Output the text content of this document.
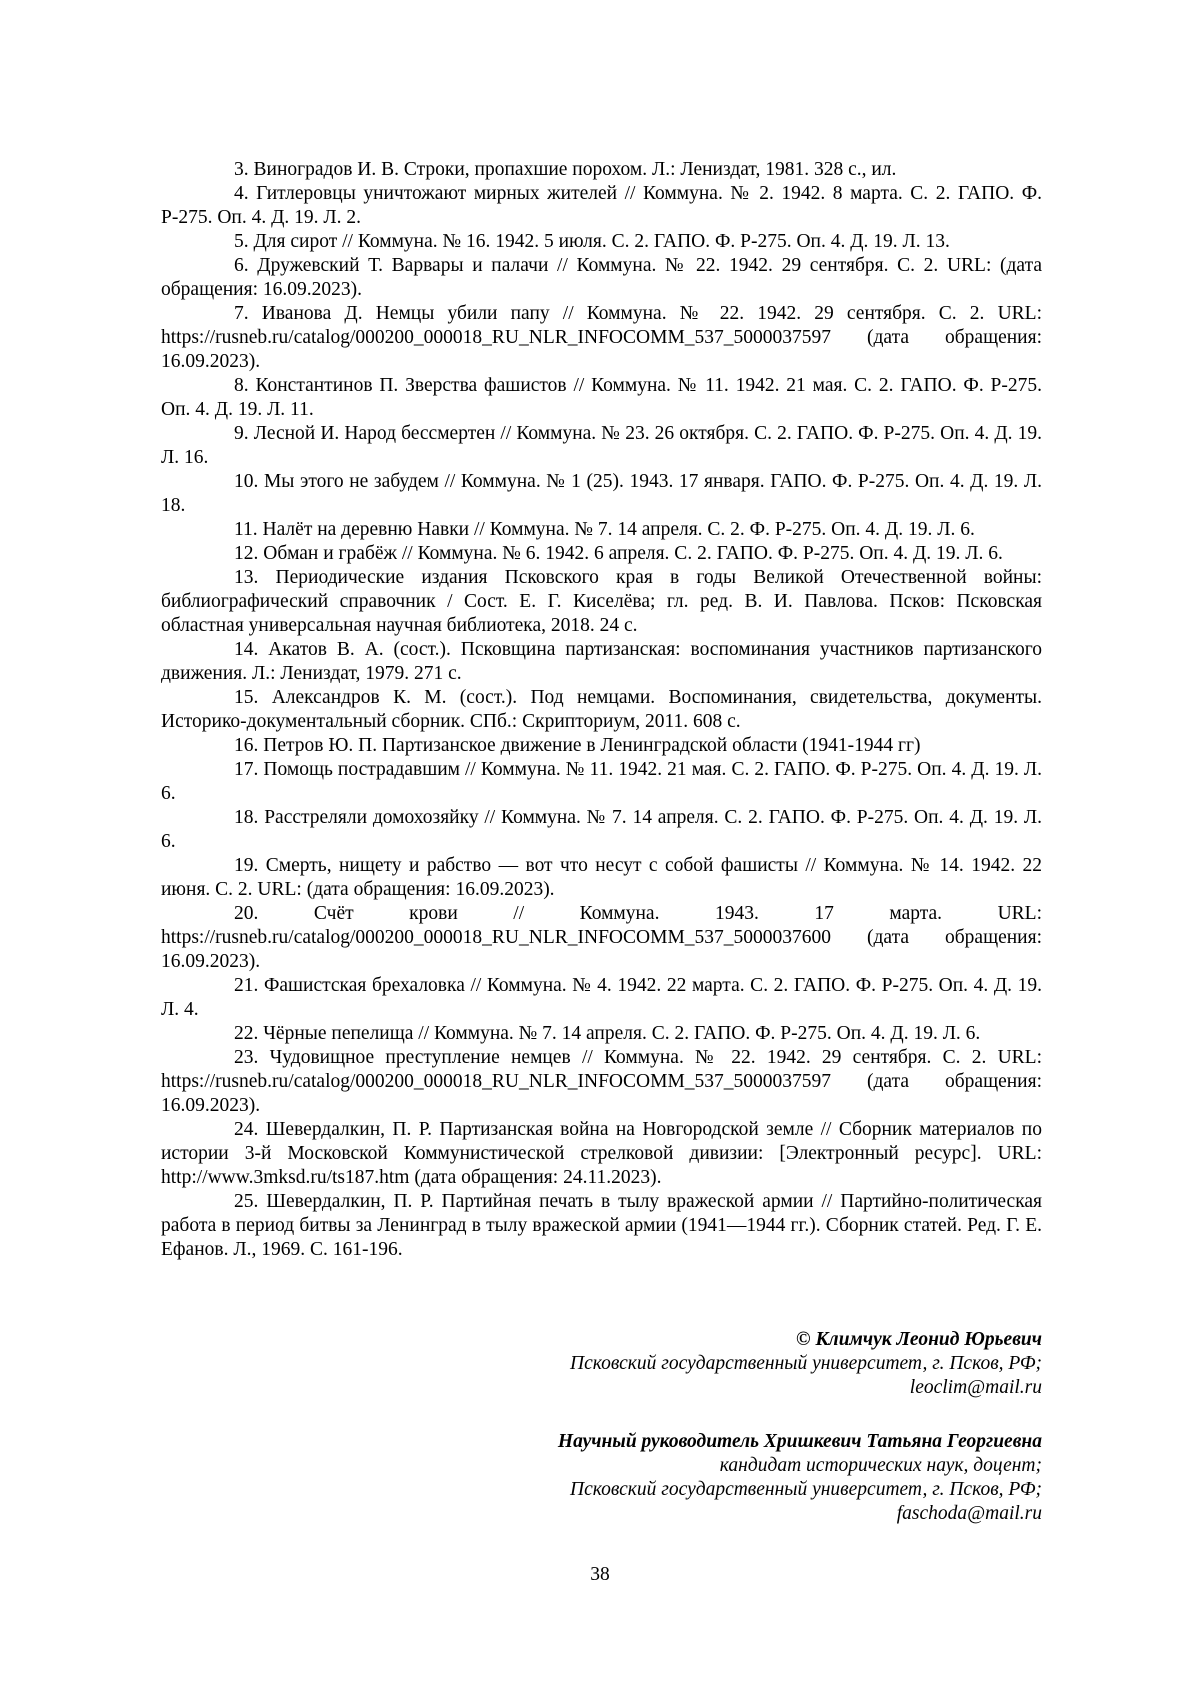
3. Виноградов И. В. Строки, пропахшие порохом. Л.: Лениздат, 1981. 328 с., ил.
4. Гитлеровцы уничтожают мирных жителей // Коммуна. № 2. 1942. 8 марта. С. 2. ГАПО. Ф. Р-275. Оп. 4. Д. 19. Л. 2.
5. Для сирот // Коммуна. № 16. 1942. 5 июля. С. 2. ГАПО. Ф. Р-275. Оп. 4. Д. 19. Л. 13.
6. Дружевский Т. Варвары и палачи // Коммуна. № 22. 1942. 29 сентября. С. 2. URL: (дата обращения: 16.09.2023).
7. Иванова Д. Немцы убили папу // Коммуна. № 22. 1942. 29 сентября. С. 2. URL: https://rusneb.ru/catalog/000200_000018_RU_NLR_INFOCOMM_537_5000037597 (дата обращения: 16.09.2023).
8. Константинов П. Зверства фашистов // Коммуна. № 11. 1942. 21 мая. С. 2. ГАПО. Ф. Р-275. Оп. 4. Д. 19. Л. 11.
9. Лесной И. Народ бессмертен // Коммуна. № 23. 26 октября. С. 2. ГАПО. Ф. Р-275. Оп. 4. Д. 19. Л. 16.
10. Мы этого не забудем // Коммуна. № 1 (25). 1943. 17 января. ГАПО. Ф. Р-275. Оп. 4. Д. 19. Л. 18.
11. Налёт на деревню Навки // Коммуна. № 7. 14 апреля. С. 2. Ф. Р-275. Оп. 4. Д. 19. Л. 6.
12. Обман и грабёж // Коммуна. № 6. 1942. 6 апреля. С. 2. ГАПО. Ф. Р-275. Оп. 4. Д. 19. Л. 6.
13. Периодические издания Псковского края в годы Великой Отечественной войны: библиографический справочник / Сост. Е. Г. Киселёва; гл. ред. В. И. Павлова. Псков: Псковская областная универсальная научная библиотека, 2018. 24 с.
14. Акатов В. А. (сост.). Псковщина партизанская: воспоминания участников партизанского движения. Л.: Лениздат, 1979. 271 с.
15. Александров К. М. (сост.). Под немцами. Воспоминания, свидетельства, документы. Историко-документальный сборник. СПб.: Скрипториум, 2011. 608 с.
16. Петров Ю. П. Партизанское движение в Ленинградской области (1941-1944 гг)
17. Помощь пострадавшим // Коммуна. № 11. 1942. 21 мая. С. 2. ГАПО. Ф. Р-275. Оп. 4. Д. 19. Л. 6.
18. Расстреляли домохозяйку // Коммуна. № 7. 14 апреля. С. 2. ГАПО. Ф. Р-275. Оп. 4. Д. 19. Л. 6.
19. Смерть, нищету и рабство — вот что несут с собой фашисты // Коммуна. № 14. 1942. 22 июня. С. 2. URL: (дата обращения: 16.09.2023).
20. Счёт крови // Коммуна. 1943. 17 марта. URL: https://rusneb.ru/catalog/000200_000018_RU_NLR_INFOCOMM_537_5000037600 (дата обращения: 16.09.2023).
21. Фашистская брехаловка // Коммуна. № 4. 1942. 22 марта. С. 2. ГАПО. Ф. Р-275. Оп. 4. Д. 19. Л. 4.
22. Чёрные пепелища // Коммуна. № 7. 14 апреля. С. 2. ГАПО. Ф. Р-275. Оп. 4. Д. 19. Л. 6.
23. Чудовищное преступление немцев // Коммуна. № 22. 1942. 29 сентября. С. 2. URL: https://rusneb.ru/catalog/000200_000018_RU_NLR_INFOCOMM_537_5000037597 (дата обращения: 16.09.2023).
24. Шевердалкин, П. Р. Партизанская война на Новгородской земле // Сборник материалов по истории 3-й Московской Коммунистической стрелковой дивизии: [Электронный ресурс]. URL: http://www.3mksd.ru/ts187.htm (дата обращения: 24.11.2023).
25. Шевердалкин, П. Р. Партийная печать в тылу вражеской армии // Партийно-политическая работа в период битвы за Ленинград в тылу вражеской армии (1941—1944 гг.). Сборник статей. Ред. Г. Е. Ефанов. Л., 1969. С. 161-196.
© Климчук Леонид Юрьевич
Псковский государственный университет, г. Псков, РФ;
leoclim@mail.ru
Научный руководитель Хришкевич Татьяна Георгиевна
кандидат исторических наук, доцент;
Псковский государственный университет, г. Псков, РФ;
faschoda@mail.ru
38
